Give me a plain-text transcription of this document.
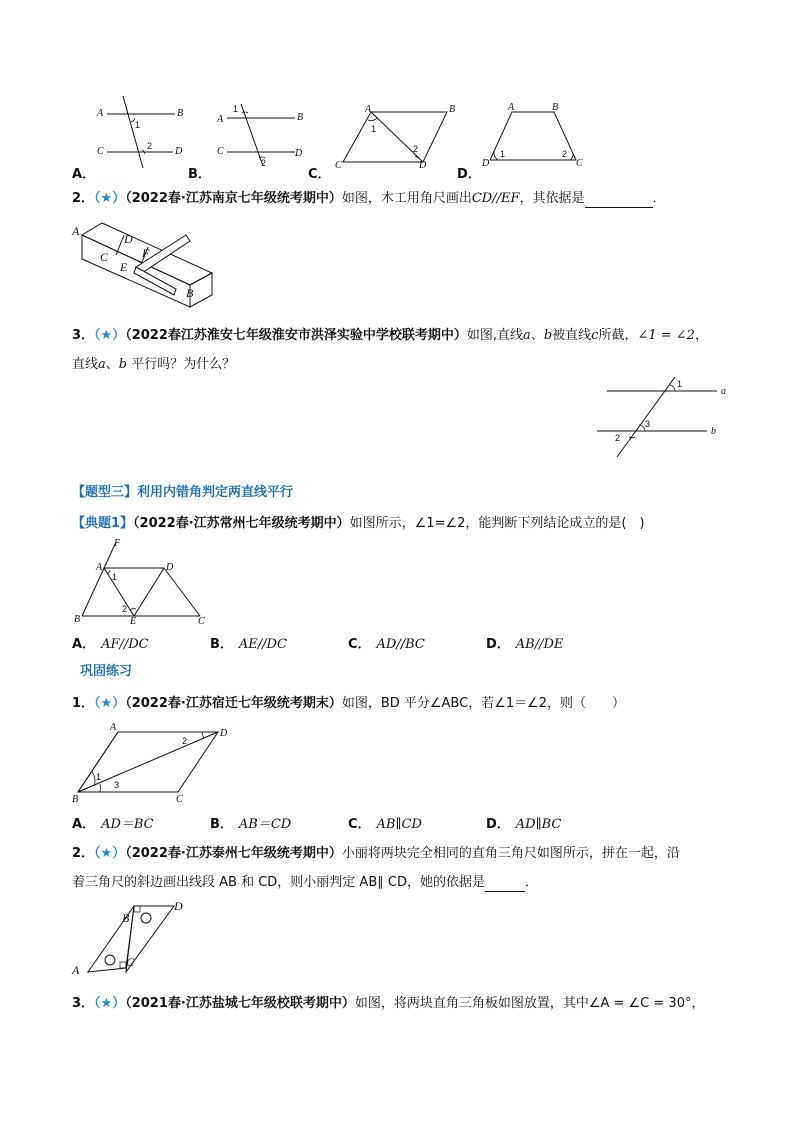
A	B
C	D
1
2
A．
A	B
C	D
1
2
B．
A	B
C	D
1
2
C．
A	B
D	C
1	2
D．
2．（★）（2022春·江苏南京七年级统考期中）如图，木工用角尺画出CD//EF，其依据是	．
A
D
F
C
E
B
3．（★）（2022春江苏淮安七年级淮安市洪泽实验中学校联考期中）如图,直线a、b被直线c所截，∠1 = ∠2，
直线a、b 平行吗？为什么？
1
a
3
b
2
【题型三】利用内错角判定两直线平行
【典题1】（2022春·江苏常州七年级统考期中）如图所示，∠1=∠2，能判断下列结论成立的是(　)
F
A	D
1
2
B	E	C
A． AF//DC	B． AE//DC	C． AD//BC	D． AB//DE
巩固练习
1．（★）（2022春·江苏宿迁七年级统考期末）如图，BD 平分∠ABC，若∠1＝∠2，则（　　）
A
D
2
1
3
B	C
A． AD＝BC	B． AB＝CD	C． AB∥CD	D． AD∥BC
2．（★）（2022春·江苏泰州七年级统考期中）小丽将两块完全相同的直角三角尺如图所示，拼在一起，沿
着三角尺的斜边画出线段 AB 和 CD，则小丽判定 AB∥ CD，她的依据是	．
B
D
A
C
3．（★）（2021春·江苏盐城七年级校联考期中）如图，将两块直角三角板如图放置，其中∠A = ∠C = 30°，
